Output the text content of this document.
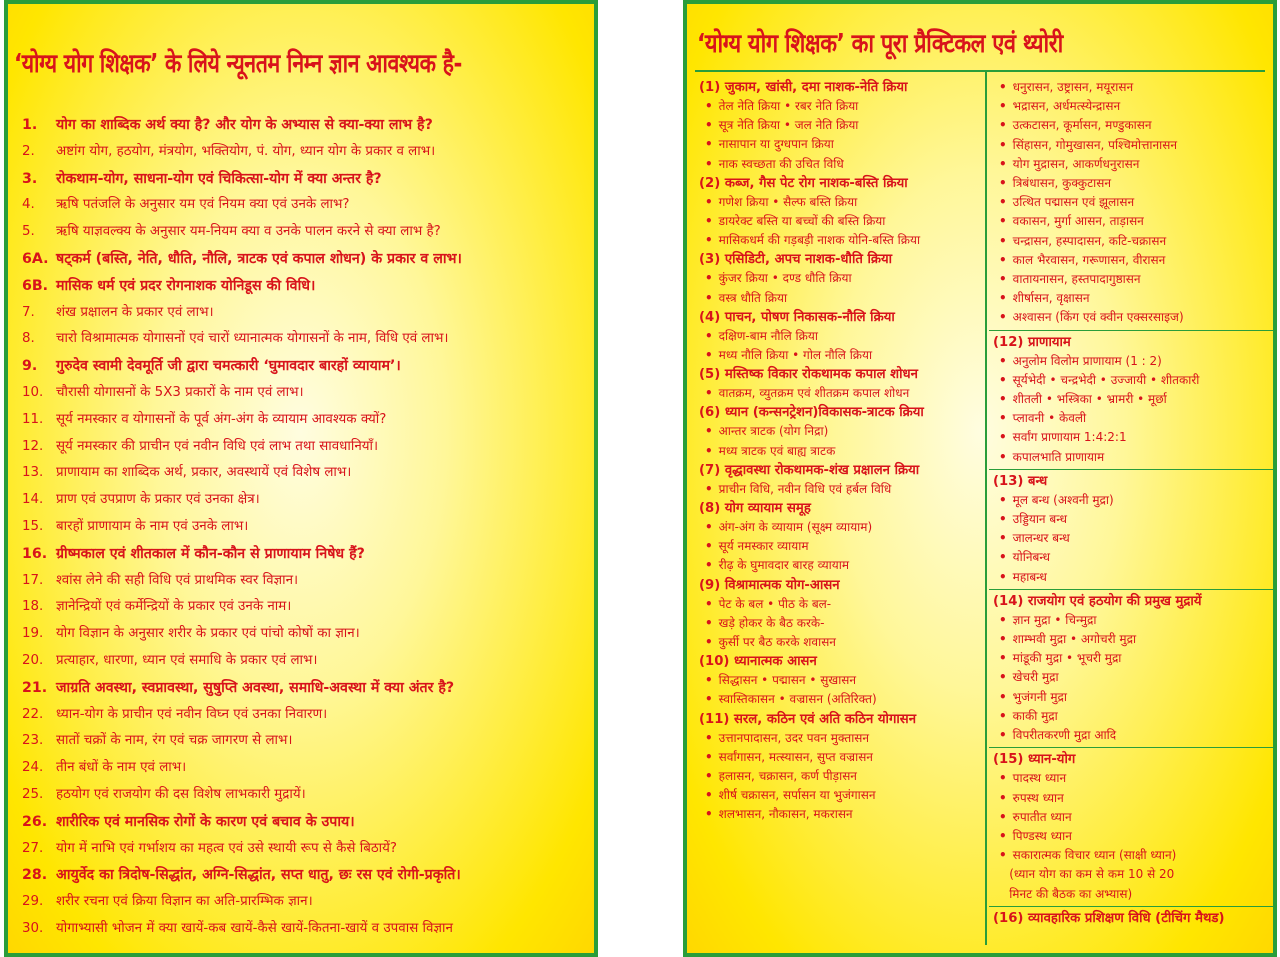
‘योग्य योग शिक्षक’ के लिये न्यूनतम निम्न ज्ञान आवश्यक है-
1. योग का शाब्दिक अर्थ क्या है? और योग के अभ्यास से क्या-क्या लाभ है?
2. अष्टांग योग, हठयोग, मंत्रयोग, भक्तियोग, पं. योग, ध्यान योग के प्रकार व लाभ।
3. रोकथाम-योग, साधना-योग एवं चिकित्सा-योग में क्या अन्तर है?
4. ऋषि पतंजलि के अनुसार यम एवं नियम क्या एवं उनके लाभ?
5. ऋषि याज्ञवल्क्य के अनुसार यम-नियम क्या व उनके पालन करने से क्या लाभ है?
6A. षट्कर्म (बस्ति, नेति, धौति, नौलि, त्राटक एवं कपाल शोधन) के प्रकार व लाभ।
6B. मासिक धर्म एवं प्रदर रोगनाशक योनिडूस की विधि।
7. शंख प्रक्षालन के प्रकार एवं लाभ।
8. चारो विश्रामात्मक योगासनों एवं चारों ध्यानात्मक योगासनों के नाम, विधि एवं लाभ।
9. गुरुदेव स्वामी देवमूर्ति जी द्वारा चमत्कारी ‘घुमावदार बारहों व्यायाम’।
10. चौरासी योगासनों के 5X3 प्रकारों के नाम एवं लाभ।
11. सूर्य नमस्कार व योगासनों के पूर्व अंग-अंग के व्यायाम आवश्यक क्यों?
12. सूर्य नमस्कार की प्राचीन एवं नवीन विधि एवं लाभ तथा सावधानियाँ।
13. प्राणायाम का शाब्दिक अर्थ, प्रकार, अवस्थायें एवं विशेष लाभ।
14. प्राण एवं उपप्राण के प्रकार एवं उनका क्षेत्र।
15. बारहों प्राणायाम के नाम एवं उनके लाभ।
16. ग्रीष्मकाल एवं शीतकाल में कौन-कौन से प्राणायाम निषेध हैं?
17. श्वांस लेने की सही विधि एवं प्राथमिक स्वर विज्ञान।
18. ज्ञानेन्द्रियों एवं कर्मेन्द्रियों के प्रकार एवं उनके नाम।
19. योग विज्ञान के अनुसार शरीर के प्रकार एवं पांचो कोषों का ज्ञान।
20. प्रत्याहार, धारणा, ध्यान एवं समाधि के प्रकार एवं लाभ।
21. जाग्रति अवस्था, स्वप्नावस्था, सुषुप्ति अवस्था, समाधि-अवस्था में क्या अंतर है?
22. ध्यान-योग के प्राचीन एवं नवीन विघ्न एवं उनका निवारण।
23. सातों चक्रों के नाम, रंग एवं चक्र जागरण से लाभ।
24. तीन बंधों के नाम एवं लाभ।
25. हठयोग एवं राजयोग की दस विशेष लाभकारी मुद्रायें।
26. शारीरिक एवं मानसिक रोगों के कारण एवं बचाव के उपाय।
27. योग में नाभि एवं गर्भाशय का महत्व एवं उसे स्थायी रूप से कैसे बिठायें?
28. आयुर्वेद का त्रिदोष-सिद्धांत, अग्नि-सिद्धांत, सप्त धातु, छः रस एवं रोगी-प्रकृति।
29. शरीर रचना एवं क्रिया विज्ञान का अति-प्रारम्भिक ज्ञान।
30. योगाभ्यासी भोजन में क्या खायें-कब खायें-कैसे खायें-कितना-खायें व उपवास विज्ञान
‘योग्य योग शिक्षक’ का पूरा प्रैक्टिकल एवं थ्योरी
(1) जुकाम, खांसी, दमा नाशक-नेति क्रिया
• तेल नेति क्रिया • रबर नेति क्रिया
• सूत्र नेति क्रिया • जल नेति क्रिया
• नासापान या दुग्धपान क्रिया
• नाक स्वच्छता की उचित विधि
(2) कब्ज, गैस पेट रोग नाशक-बस्ति क्रिया
• गणेश क्रिया • सैल्फ बस्ति क्रिया
• डायरेक्ट बस्ति या बच्चों की बस्ति क्रिया
• मासिकधर्म की गड़बड़ी नाशक योनि-बस्ति क्रिया
(3) एसिडिटी, अपच नाशक-धौति क्रिया
• कुंजर क्रिया • दण्ड धौति क्रिया
• वस्त्र धौति क्रिया
(4) पाचन, पोषण निकासक-नौलि क्रिया
• दक्षिण-बाम नौलि क्रिया
• मध्य नौलि क्रिया • गोल नौलि क्रिया
(5) मस्तिष्क विकार रोकथामक कपाल शोधन
• वातक्रम, व्युतक्रम एवं शीतक्रम कपाल शोधन
(6) ध्यान (कन्सनट्रेशन)विकासक-त्राटक क्रिया
• आन्तर त्राटक (योग निद्रा)
• मध्य त्राटक एवं बाह्य त्राटक
(7) वृद्धावस्था रोकथामक-शंख प्रक्षालन क्रिया
• प्राचीन विधि, नवीन विधि एवं हर्बल विधि
(8) योग व्यायाम समूह
• अंग-अंग के व्यायाम (सूक्ष्म व्यायाम)
• सूर्य नमस्कार व्यायाम
• रीढ़ के घुमावदार बारह व्यायाम
(9) विश्रामात्मक योग-आसन
• पेट के बल • पीठ के बल-
• खड़े होकर के बैठ करके-
• कुर्सी पर बैठ करके शवासन
(10) ध्यानात्मक आसन
• सिद्धासन • पद्मासन • सुखासन
• स्वास्तिकासन • वज्रासन (अतिरिक्त)
(11) सरल, कठिन एवं अति कठिन योगासन
• उत्तानपादासन, उदर पवन मुक्तासन
• सर्वांगासन, मत्स्यासन, सुप्त वज्रासन
• हलासन, चक्रासन, कर्ण पीड़ासन
• शीर्ष चक्रासन, सर्पासन या भुजंगासन
• शलभासन, नौकासन, मकरासन
• धनुरासन, उष्ट्रासन, मयूरासन
• भद्रासन, अर्धमत्स्येन्द्रासन
• उत्कटासन, कूर्मासन, मण्डुकासन
• सिंहासन, गोमुखासन, पश्चिमोत्तानासन
• योग मुद्रासन, आकर्णधनुरासन
• त्रिबंधासन, कुक्कुटासन
• उत्थित पद्मासन एवं झूलासन
• वकासन, मुर्गा आसन, ताड़ासन
• चन्द्रासन, हस्पादासन, कटि-चक्रासन
• काल भैरवासन, गरूणासन, वीरासन
• वातायनासन, हस्तपादागुष्ठासन
• शीर्षासन, वृक्षासन
• अश्वासन (किंग एवं क्वीन एक्सरसाइज)
(12) प्राणायाम
• अनुलोम विलोम प्राणायाम (1 : 2)
• सूर्यभेदी • चन्द्रभेदी • उज्जायी • शीतकारी
• शीतली • भस्त्रिका • भ्रामरी • मूर्छा
• प्लावनी • केवली
• सर्वांग प्राणायाम 1:4:2:1
• कपालभाति प्राणायाम
(13) बन्ध
• मूल बन्ध (अश्वनी मुद्रा)
• उड्डियान बन्ध
• जालन्धर बन्ध
• योनिबन्ध
• महाबन्ध
(14) राजयोग एवं हठयोग की प्रमुख मुद्रायें
• ज्ञान मुद्रा • चिन्मुद्रा
• शाम्भवी मुद्रा • अगोचरी मुद्रा
• मांडूकी मुद्रा • भूचरी मुद्रा
• खेचरी मुद्रा
• भुजंगनी मुद्रा
• काकी मुद्रा
• विपरीतकरणी मुद्रा आदि
(15) ध्यान-योग
• पादस्थ ध्यान
• रुपस्थ ध्यान
• रुपातीत ध्यान
• पिण्डस्थ ध्यान
• सकारात्मक विचार ध्यान (साक्षी ध्यान)
(ध्यान योग का कम से कम 10 से 20
मिनट की बैठक का अभ्यास)
(16) व्यावहारिक प्रशिक्षण विधि (टीचिंग मैथड)
